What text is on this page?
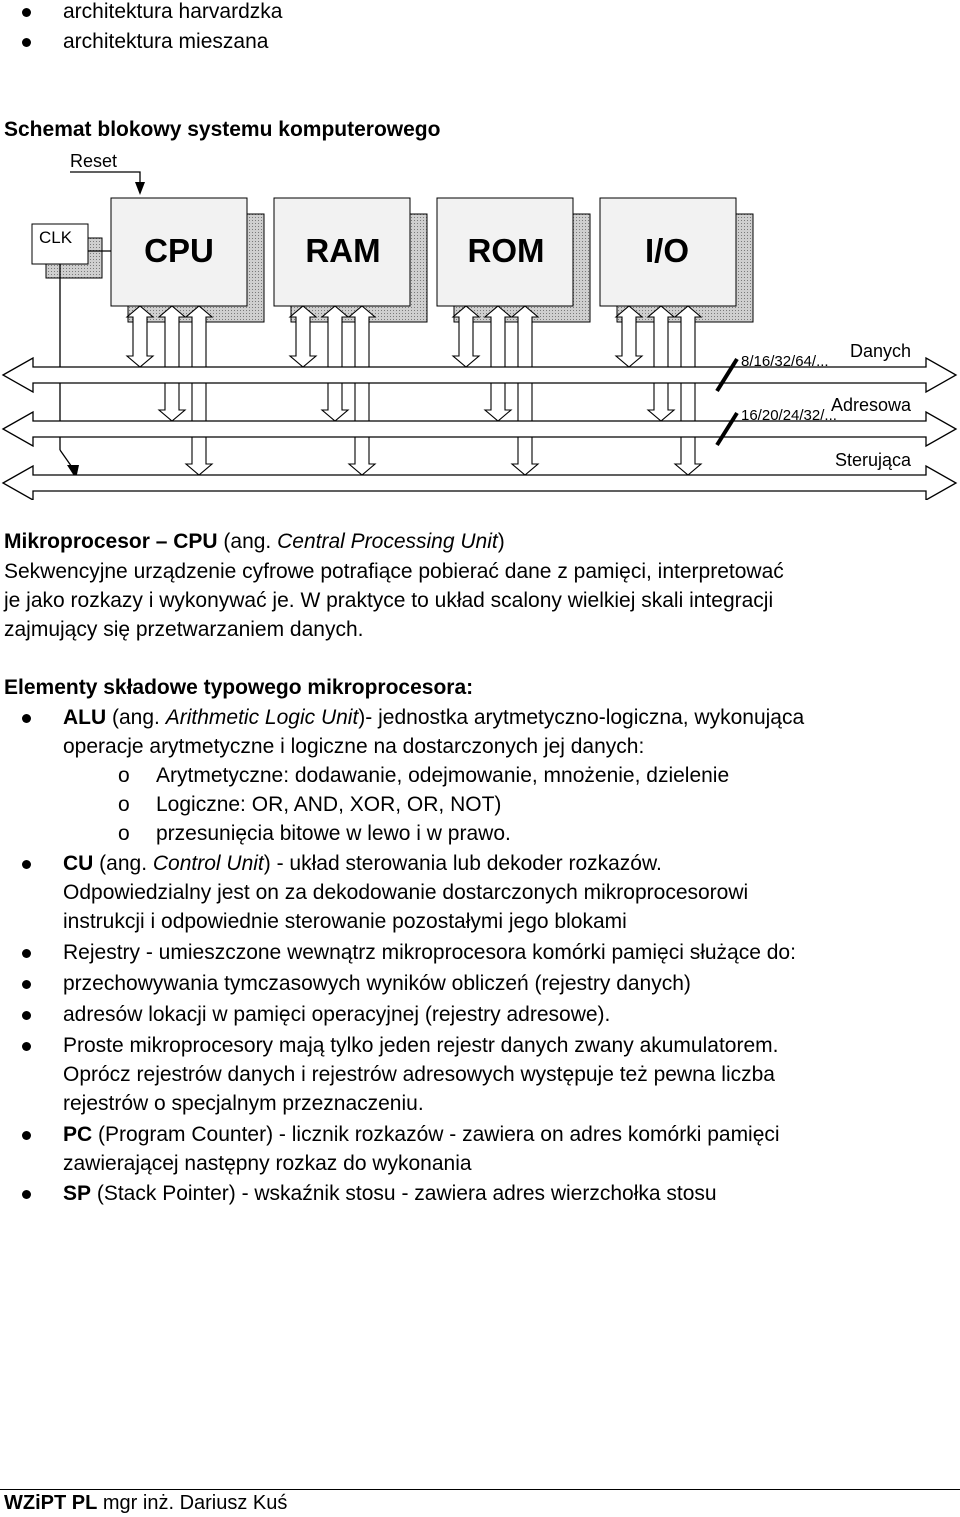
architektura harvardzka
architektura mieszana
Schemat blokowy systemu komputerowego
Reset
CLK CPU	RAM	ROM	I/O
8/16/32/64/...
Danych
16/20/24/32/...
Adresowa
Sterująca
Mikroprocesor – CPU (ang. Central Processing Unit)
Sekwencyjne urządzenie cyfrowe potrafiące pobierać dane z pamięci, interpretować
je jako rozkazy i wykonywać je. W praktyce to układ scalony wielkiej skali integracji
zajmujący się przetwarzaniem danych.
Elementy składowe typowego mikroprocesora:
ALU (ang. Arithmetic Logic Unit)- jednostka arytmetyczno-logiczna, wykonująca
operacje arytmetyczne i logiczne na dostarczonych jej danych:
o Arytmetyczne: dodawanie, odejmowanie, mnożenie, dzielenie
o Logiczne: OR, AND, XOR, OR, NOT)
o przesunięcia bitowe w lewo i w prawo.
CU (ang. Control Unit) - układ sterowania lub dekoder rozkazów.
Odpowiedzialny jest on za dekodowanie dostarczonych mikroprocesorowi
instrukcji i odpowiednie sterowanie pozostałymi jego blokami
Rejestry - umieszczone wewnątrz mikroprocesora komórki pamięci służące do:
przechowywania tymczasowych wyników obliczeń (rejestry danych)
adresów lokacji w pamięci operacyjnej (rejestry adresowe).
Proste mikroprocesory mają tylko jeden rejestr danych zwany akumulatorem.
Oprócz rejestrów danych i rejestrów adresowych występuje też pewna liczba
rejestrów o specjalnym przeznaczeniu.
PC (Program Counter) - licznik rozkazów - zawiera on adres komórki pamięci
zawierającej następny rozkaz do wykonania
SP (Stack Pointer) - wskaźnik stosu - zawiera adres wierzchołka stosu
WZiPT PL mgr inż. Dariusz Kuś
